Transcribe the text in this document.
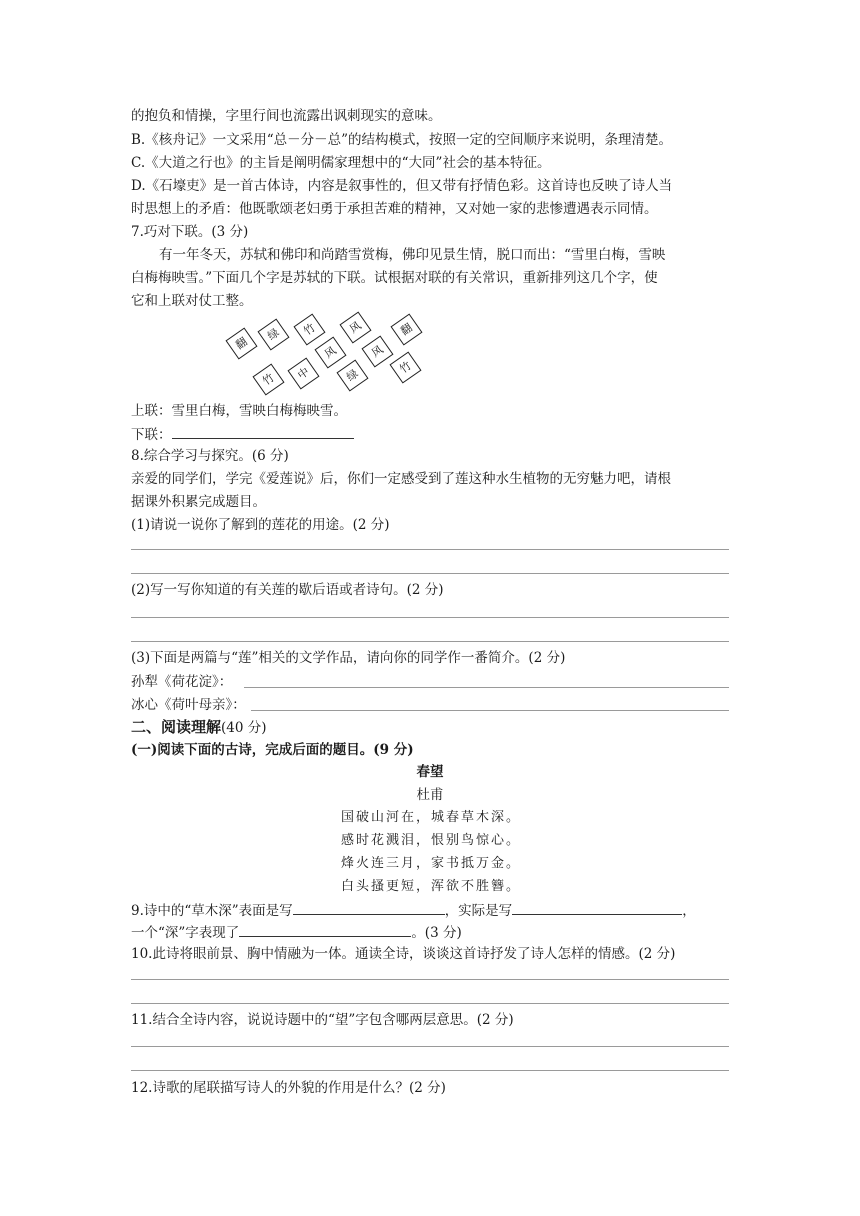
的抱负和情操，字里行间也流露出讽刺现实的意味。
B.《核舟记》一文采用“总－分－总”的结构模式，按照一定的空间顺序来说明，条理清楚。
C.《大道之行也》的主旨是阐明儒家理想中的“大同”社会的基本特征。
D.《石壕吏》是一首古体诗，内容是叙事性的，但又带有抒情色彩。这首诗也反映了诗人当
时思想上的矛盾：他既歌颂老妇勇于承担苦难的精神，又对她一家的悲惨遭遇表示同情。
7.巧对下联。(3 分)
有一年冬天，苏轼和佛印和尚踏雪赏梅，佛印见景生情，脱口而出：“雪里白梅，雪映
白梅梅映雪。”下面几个字是苏轼的下联。试根据对联的有关常识，重新排列这几个字，使
它和上联对仗工整。
翻
绿	竹	风	翻
风	风
竹
中	绿
竹
上联：雪里白梅，雪映白梅梅映雪。
下联：
8.综合学习与探究。(6 分)
亲爱的同学们，学完《爱莲说》后，你们一定感受到了莲这种水生植物的无穷魅力吧，请根
据课外积累完成题目。
(1)请说一说你了解到的莲花的用途。(2 分)
(2)写一写你知道的有关莲的歇后语或者诗句。(2 分)
(3)下面是两篇与“莲”相关的文学作品，请向你的同学作一番简介。(2 分)
孙犁《荷花淀》：
冰心《荷叶母亲》：
二、阅读理解(40 分)
(一)阅读下面的古诗，完成后面的题目。(9 分)
春望
杜甫
国破山河在，城春草木深。
感时花溅泪，恨别鸟惊心。
烽火连三月，家书抵万金。
白头搔更短，浑欲不胜簪。
9.诗中的“草木深”表面是写	，实际是写	，
一个“深”字表现了	。(3 分)
10.此诗将眼前景、胸中情融为一体。通读全诗，谈谈这首诗抒发了诗人怎样的情感。(2 分)
11.结合全诗内容，说说诗题中的“望”字包含哪两层意思。(2 分)
12.诗歌的尾联描写诗人的外貌的作用是什么？(2 分)
